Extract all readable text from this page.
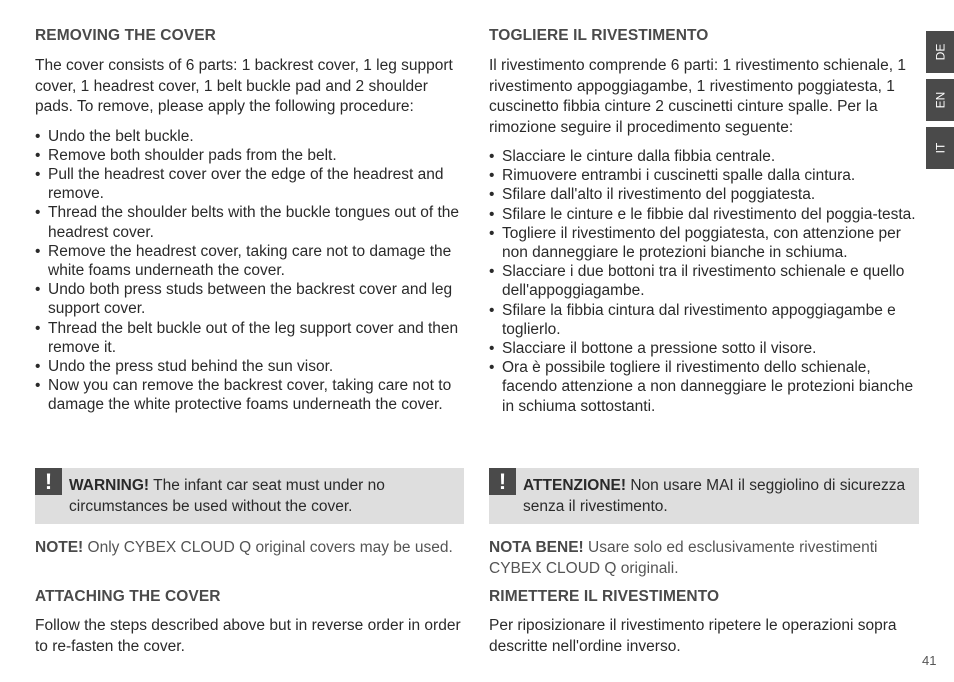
REMOVING THE COVER

The cover consists of 6 parts: 1 backrest cover, 1 leg support cover, 1 headrest cover, 1 belt buckle pad and 2 shoulder pads. To remove, please apply the following procedure:

• Undo the belt buckle.
• Remove both shoulder pads from the belt.
• Pull the headrest cover over the edge of the headrest and remove.
• Thread the shoulder belts with the buckle tongues out of the headrest cover.
• Remove the headrest cover, taking care not to damage the white foams underneath the cover.
• Undo both press studs between the backrest cover and leg support cover.
• Thread the belt buckle out of the leg support cover and then remove it.
• Undo the press stud behind the sun visor.
• Now you can remove the backrest cover, taking care not to damage the white protective foams underneath the cover.
!	WARNING! The infant car seat must under no circumstances be used without the cover.
NOTE! Only CYBEX CLOUD Q original covers may be used.
ATTACHING THE COVER

Follow the steps described above but in reverse order in order to re-fasten the cover.

TOGLIERE IL RIVESTIMENTO

Il rivestimento comprende 6 parti: 1 rivestimento schienale, 1 rivestimento appoggiagambe, 1 rivestimento poggiatesta, 1 cuscinetto fibbia cinture 2 cuscinetti cinture spalle. Per la rimozione seguire il procedimento seguente:

• Slacciare le cinture dalla fibbia centrale.
• Rimuovere entrambi i cuscinetti spalle dalla cintura.
• Sfilare dall'alto il rivestimento del poggiatesta.
• Sfilare le cinture e le fibbie dal rivestimento del poggia-testa.
• Togliere il rivestimento del poggiatesta, con attenzione per non danneggiare le protezioni bianche in schiuma.
• Slacciare i due bottoni tra il rivestimento schienale e quello dell'appoggiagambe.
• Sfilare la fibbia cintura dal rivestimento appoggiagambe e toglierlo.
• Slacciare il bottone a pressione sotto il visore.
• Ora è possibile togliere il rivestimento dello schienale, facendo attenzione a non danneggiare le protezioni bianche in schiuma sottostanti.
!	ATTENZIONE! Non usare MAI il seggiolino di sicurezza senza il rivestimento.
NOTA BENE! Usare solo ed esclusivamente rivestimenti CYBEX CLOUD Q originali.
RIMETTERE IL RIVESTIMENTO

Per riposizionare il rivestimento ripetere le operazioni sopra descritte nell'ordine inverso.

DE
EN
IT
41
